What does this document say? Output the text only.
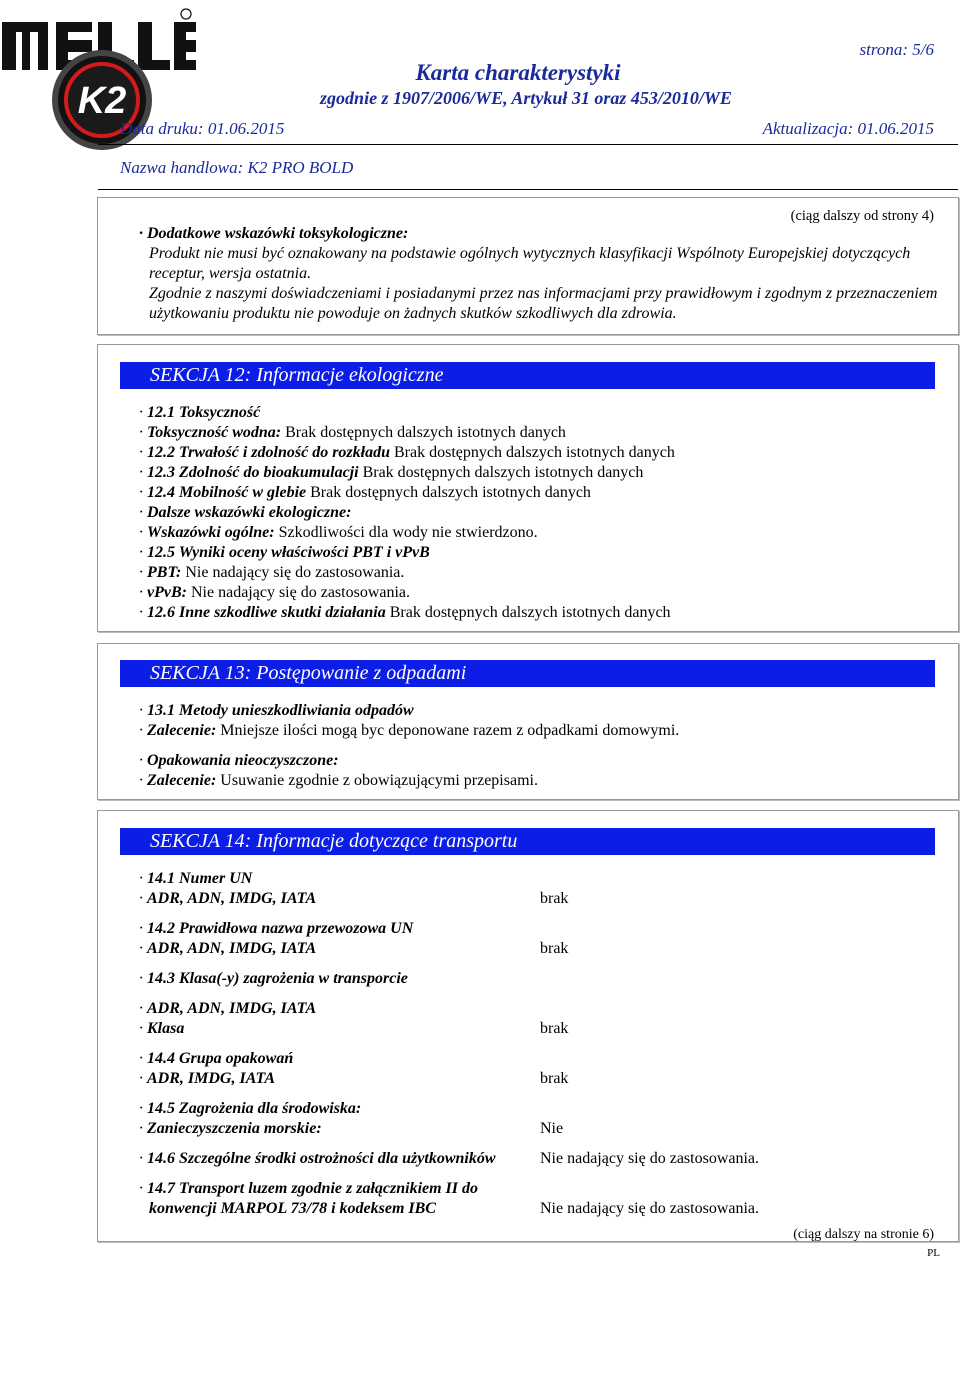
K2
strona: 5/6
Karta charakterystyki
zgodnie z 1907/2006/WE, Artykuł 31 oraz 453/2010/WE
Data druku: 01.06.2015	Aktualizacja: 01.06.2015
Nazwa handlowa: K2 PRO BOLD
(ciąg dalszy od strony 4)
· Dodatkowe wskazówki toksykologiczne:
Produkt nie musi być oznakowany na podstawie ogólnych wytycznych klasyfikacji Wspólnoty Europejskiej dotyczących receptur, wersja ostatnia.
Zgodnie z naszymi doświadczeniami i posiadanymi przez nas informacjami przy prawidłowym i zgodnym z przeznaczeniem użytkowaniu produktu nie powoduje on żadnych skutków szkodliwych dla zdrowia.
SEKCJA 12: Informacje ekologiczne
· 12.1 Toksyczność
· Toksyczność wodna: Brak dostępnych dalszych istotnych danych
· 12.2 Trwałość i zdolność do rozkładu Brak dostępnych dalszych istotnych danych
· 12.3 Zdolność do bioakumulacji Brak dostępnych dalszych istotnych danych
· 12.4 Mobilność w glebie Brak dostępnych dalszych istotnych danych
· Dalsze wskazówki ekologiczne:
· Wskazówki ogólne: Szkodliwości dla wody nie stwierdzono.
· 12.5 Wyniki oceny właściwości PBT i vPvB
· PBT: Nie nadający się do zastosowania.
· vPvB: Nie nadający się do zastosowania.
· 12.6 Inne szkodliwe skutki działania Brak dostępnych dalszych istotnych danych
SEKCJA 13: Postępowanie z odpadami
· 13.1 Metody unieszkodliwiania odpadów
· Zalecenie: Mniejsze ilości mogą byc deponowane razem z odpadkami domowymi.
· Opakowania nieoczyszczone:
· Zalecenie: Usuwanie zgodnie z obowiązującymi przepisami.
SEKCJA 14: Informacje dotyczące transportu
· 14.1 Numer UN
· ADR, ADN, IMDG, IATA	brak
· 14.2 Prawidłowa nazwa przewozowa UN
· ADR, ADN, IMDG, IATA	brak
· 14.3 Klasa(-y) zagrożenia w transporcie
· ADR, ADN, IMDG, IATA
· Klasa	brak
· 14.4 Grupa opakowań
· ADR, IMDG, IATA	brak
· 14.5 Zagrożenia dla środowiska:
· Zanieczyszczenia morskie:	Nie
· 14.6 Szczególne środki ostrożności dla użytkowników	Nie nadający się do zastosowania.
· 14.7 Transport luzem zgodnie z załącznikiem II do
konwencji MARPOL 73/78 i kodeksem IBC	Nie nadający się do zastosowania.
(ciąg dalszy na stronie 6)
PL
